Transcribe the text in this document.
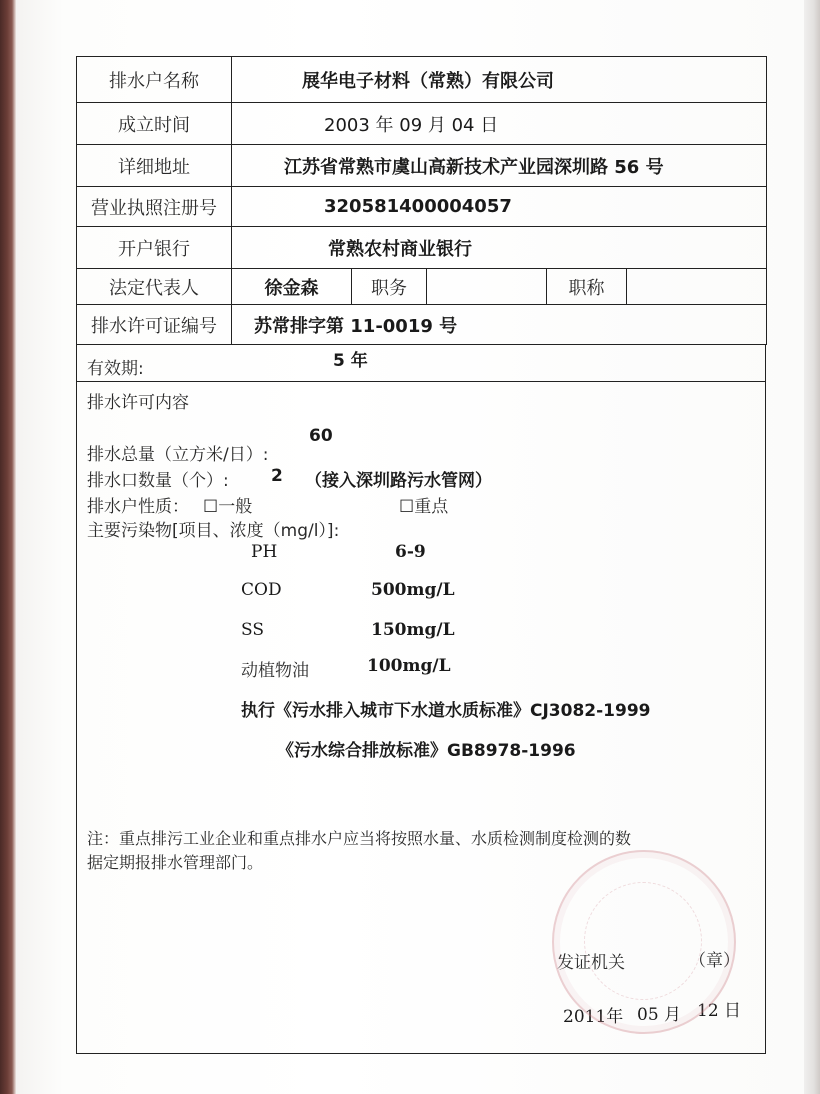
排水户名称	展华电子材料（常熟）有限公司				
成立时间	2003 年 09 月 04 日				
详细地址	江苏省常熟市虞山高新技术产业园深圳路 56 号				
营业执照注册号	320581400004057				
开户银行	常熟农村商业银行				
法定代表人	徐金森	职务		职称	
排水许可证编号	苏常排字第 11-0019 号				
有效期:	5 年
排水许可内容
排水总量（立方米/日）:
60
排水口数量（个）: 2 （接入深圳路污水管网）
排水户性质： ☐一般	☐重点
主要污染物[项目、浓度（mg/l）]:
PH	6-9
COD	500mg/L
SS	150mg/L
动植物油	100mg/L
执行《污水排入城市下水道水质标准》CJ3082-1999
《污水综合排放标准》GB8978-1996
注：重点排污工业企业和重点排水户应当将按照水量、水质检测制度检测的数
据定期报排水管理部门。
发证机关	（章）
2011年 05 月 12 日
